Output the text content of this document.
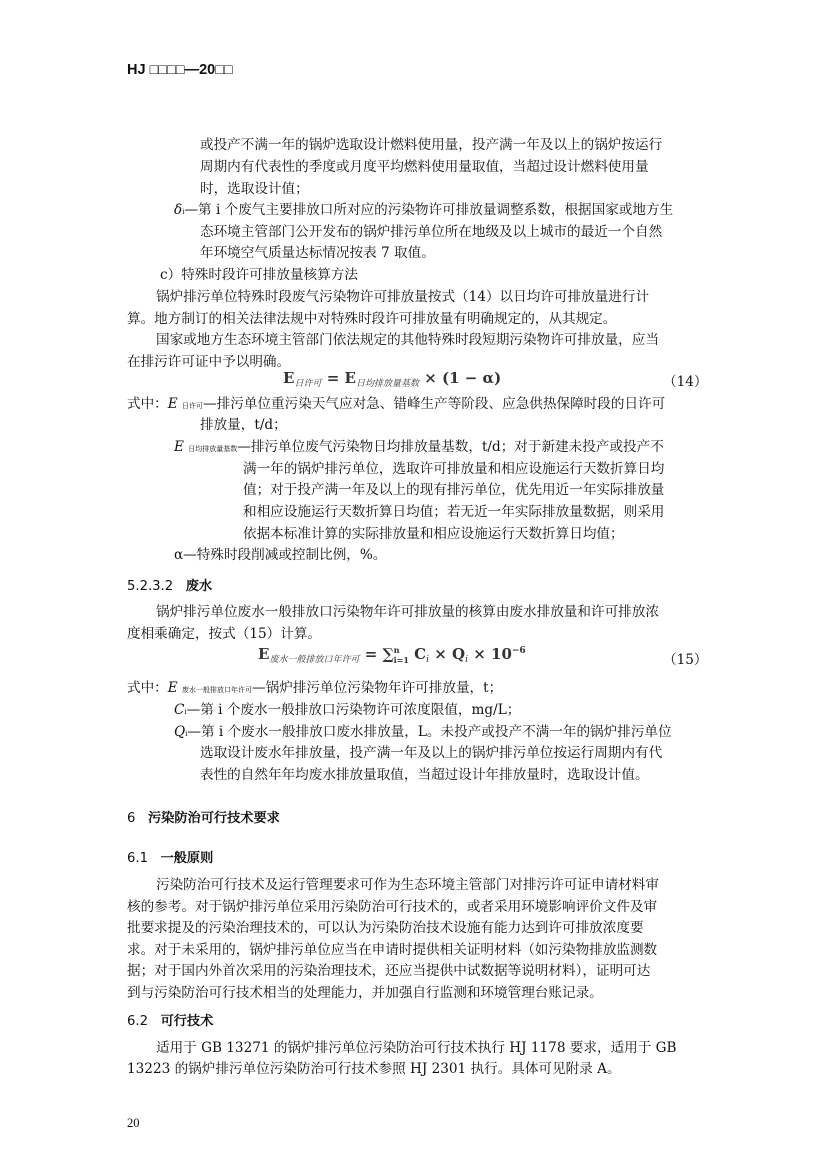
HJ □□□□—20□□
或投产不满一年的锅炉选取设计燃料使用量，投产满一年及以上的锅炉按运行
周期内有代表性的季度或月度平均燃料使用量取值，当超过设计燃料使用量
时，选取设计值；
δi—第 i 个废气主要排放口所对应的污染物许可排放量调整系数，根据国家或地方生
态环境主管部门公开发布的锅炉排污单位所在地级及以上城市的最近一个自然
年环境空气质量达标情况按表 7 取值。
c）特殊时段许可排放量核算方法
锅炉排污单位特殊时段废气污染物许可排放量按式（14）以日均许可排放量进行计
算。地方制订的相关法律法规中对特殊时段许可排放量有明确规定的，从其规定。
国家或地方生态环境主管部门依法规定的其他特殊时段短期污染物许可排放量，应当
在排污许可证中予以明确。
$E_{日许可} = E_{日均排放量基数} \times (1 - \alpha)$	（14）
式中：E 日许可—排污单位重污染天气应对急、错峰生产等阶段、应急供热保障时段的日许可
排放量，t/d；
E 日均排放量基数—排污单位废气污染物日均排放量基数，t/d；对于新建未投产或投产不
满一年的锅炉排污单位，选取许可排放量和相应设施运行天数折算日均
值；对于投产满一年及以上的现有排污单位，优先用近一年实际排放量
和相应设施运行天数折算日均值；若无近一年实际排放量数据，则采用
依据本标准计算的实际排放量和相应设施运行天数折算日均值；
α—特殊时段削减或控制比例，%。
5.2.3.2 废水
锅炉排污单位废水一般排放口污染物年许可排放量的核算由废水排放量和许可排放浓
度相乘确定，按式（15）计算。
$E_{废水一般排放口年许可} = \sum^n_{i=1}$ $C_i \times Q_i \times 10^{-6}$
（15）
式中：E 废水一般排放口年许可—锅炉排污单位污染物年许可排放量，t；
Ci—第 i 个废水一般排放口污染物许可浓度限值，mg/L；
Qi—第 i 个废水一般排放口废水排放量，L。未投产或投产不满一年的锅炉排污单位
选取设计废水年排放量，投产满一年及以上的锅炉排污单位按运行周期内有代
表性的自然年年均废水排放量取值，当超过设计年排放量时，选取设计值。
6 污染防治可行技术要求
6.1 一般原则
污染防治可行技术及运行管理要求可作为生态环境主管部门对排污许可证申请材料审
核的参考。对于锅炉排污单位采用污染防治可行技术的，或者采用环境影响评价文件及审
批要求提及的污染治理技术的，可以认为污染防治技术设施有能力达到许可排放浓度要
求。对于未采用的，锅炉排污单位应当在申请时提供相关证明材料（如污染物排放监测数
据；对于国内外首次采用的污染治理技术，还应当提供中试数据等说明材料），证明可达
到与污染防治可行技术相当的处理能力，并加强自行监测和环境管理台账记录。
6.2 可行技术
适用于 GB 13271 的锅炉排污单位污染防治可行技术执行 HJ 1178 要求，适用于 GB
13223 的锅炉排污单位污染防治可行技术参照 HJ 2301 执行。具体可见附录 A。
20
